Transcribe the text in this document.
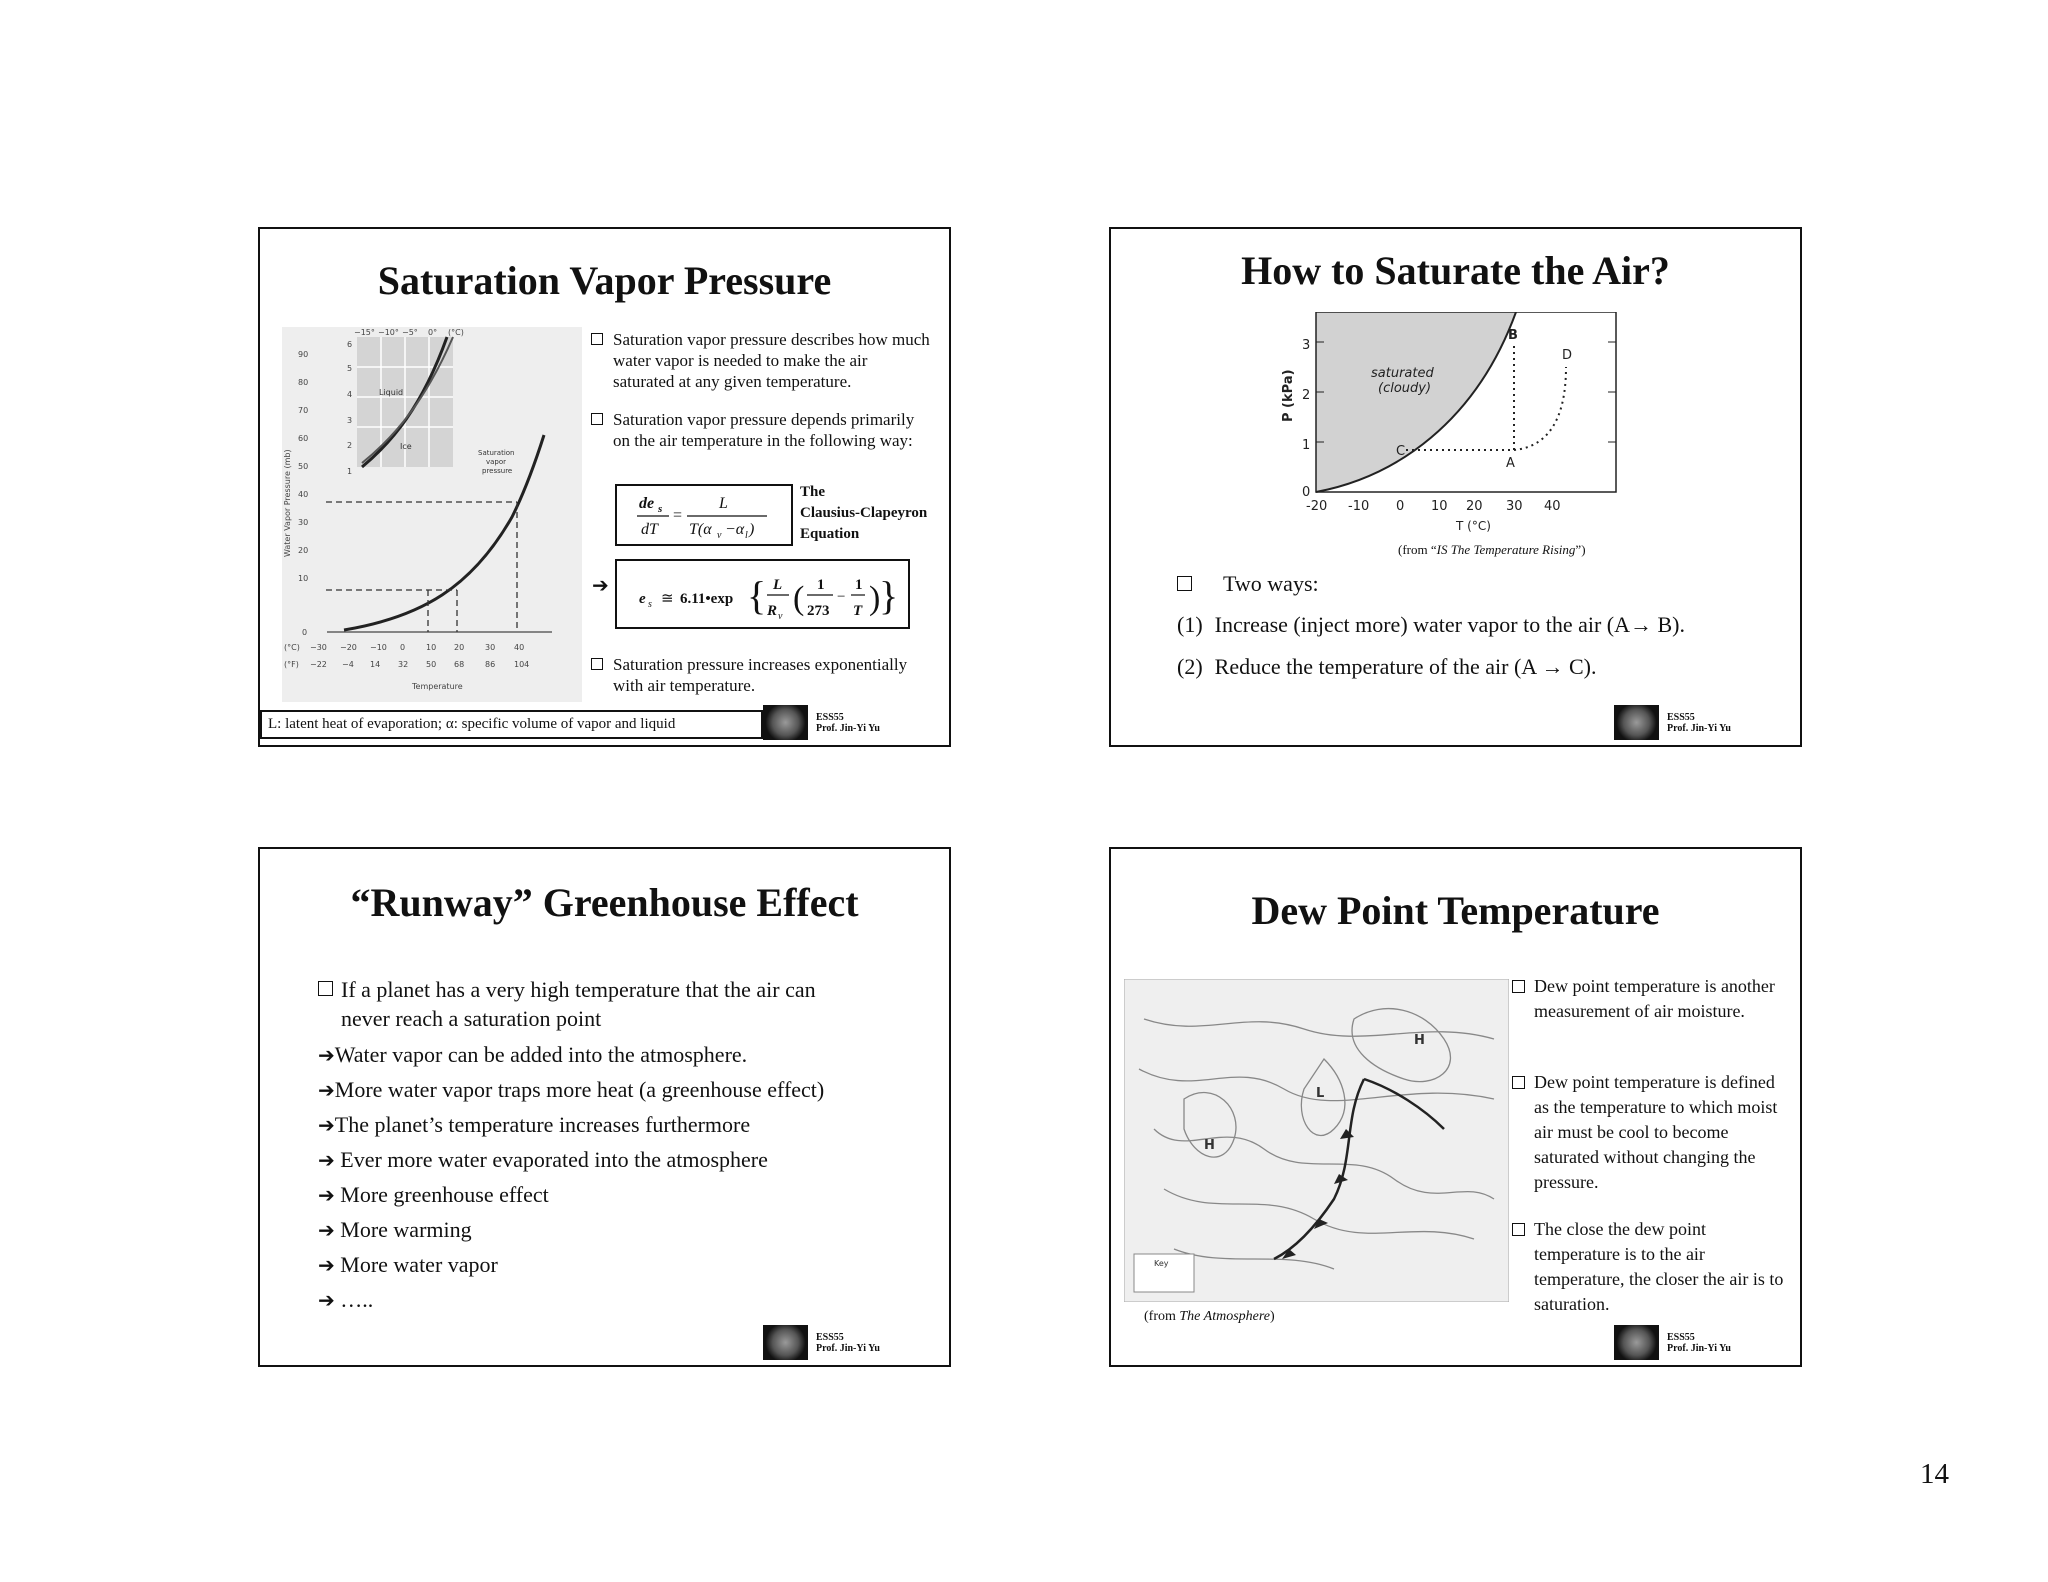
Saturation Vapor Pressure
90
80
70
60
50
40
30
20
10
0
6
5
4
3
2
1
−15° −10° −5° 0°
−30 −20 −10 0	10 20	30 40
−22 −4 14 32 50 68	86 104
(°C)
(°C)
(°F)
Temperature
Water Vapor Pressure (mb)
Liquid
Ice
Saturation
vapor
pressure
Saturation vapor pressure describes how much water vapor is needed to make the air saturated at any given temperature.
Saturation vapor pressure depends primarily on the air temperature in the following way:
de s
dT
=
L
T(α v −α l )
The
Clausius-Clapeyron
Equation
➔
e s ≅ 6.11•exp { L
R v ( 1
273
−
1
T )
}
Saturation pressure increases exponentially with air temperature.
L: latent heat of evaporation; α: specific volume of vapor and liquid	ESS55
Prof. Jin-Yi Yu
How to Saturate the Air?
3
2
1
0
-20 -10 0 10 20 30 40
P (kPa)
T (°C)
saturated
(cloudy)
A
B
C
D
(from “IS The Temperature Rising”)
Two ways:
(1) Increase (inject more) water vapor to the air (A→ B).
(2) Reduce the temperature of the air (A → C).
ESS55
Prof. Jin-Yi Yu
“Runway” Greenhouse Effect
If a planet has a very high temperature that the air can
never reach a saturation point
➔Water vapor can be added into the atmosphere.
➔More water vapor traps more heat (a greenhouse effect)
➔The planet’s temperature increases furthermore
➔ Ever more water evaporated into the atmosphere
➔ More greenhouse effect
➔ More warming
➔ More water vapor
➔ …..
ESS55
Prof. Jin-Yi Yu
Dew Point Temperature
H
H
L
Key
(from The Atmosphere)
Dew point temperature is another measurement of air moisture.
Dew point temperature is defined as the temperature to which moist air must be cool to become saturated without changing the pressure.
The close the dew point temperature is to the air temperature, the closer the air is to saturation.
ESS55
Prof. Jin-Yi Yu
14
